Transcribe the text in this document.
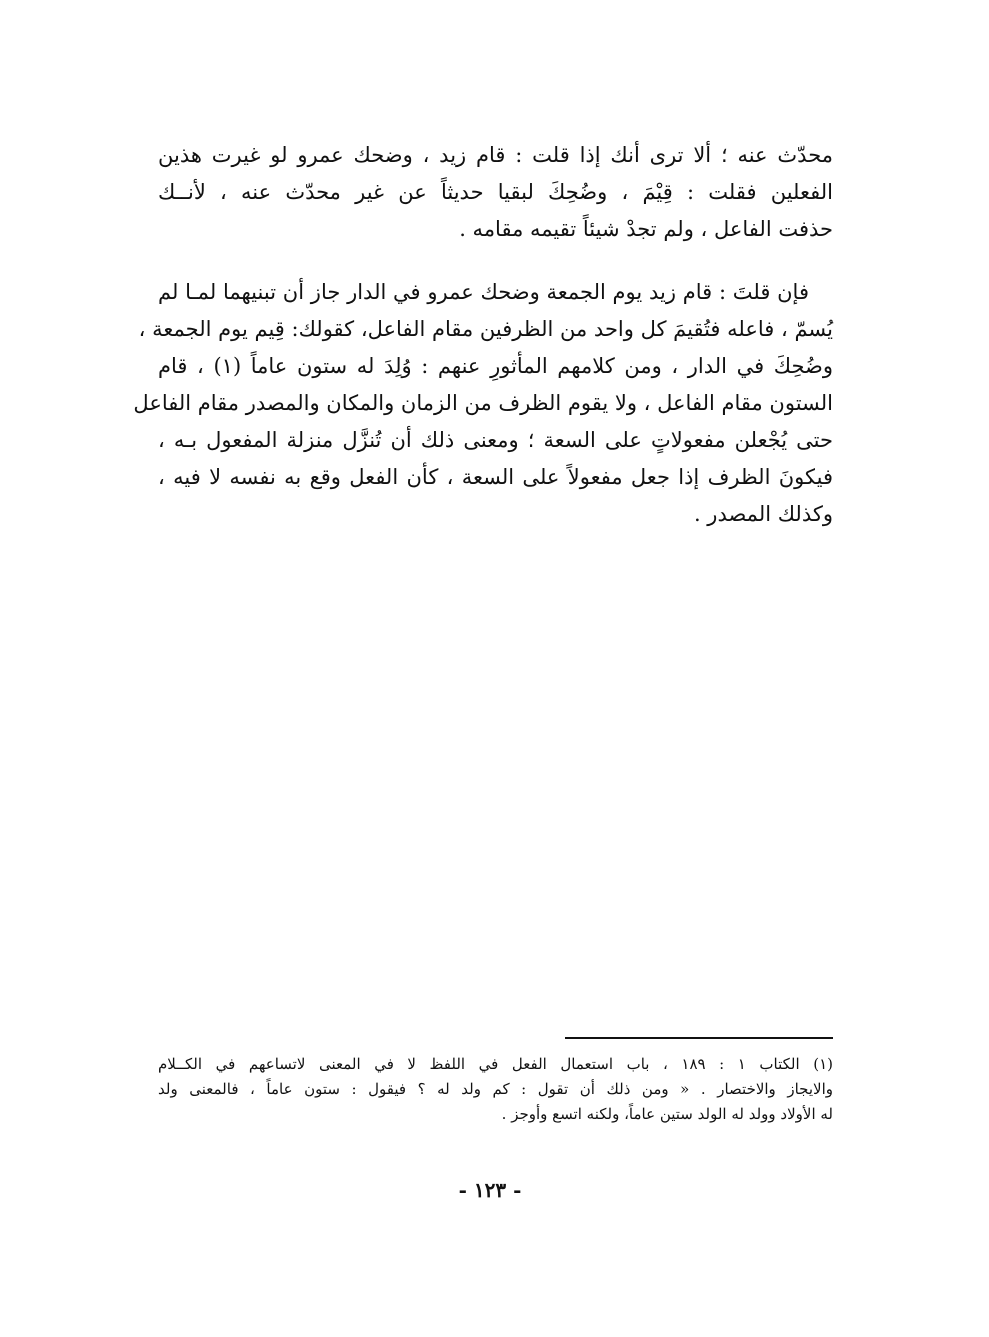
محدّث عنه ؛ ألا ترى أنك إذا قلت : قام زيد ، وضحك عمرو لو غيرت هذين
الفعلين فقلت : قِيْمَ ، وضُحِكَ لبقيا حديثاً عن غير محدّث عنه ، لأنــك
حذفت الفاعل ، ولم تجدْ شيئاً تقيمه مقامه .
فإن قلتَ : قام زيد يوم الجمعة وضحك عمرو في الدار جاز أن تبنيهما لمـا لم
يُسمّ ، فاعله فتُقيمَ كل واحد من الظرفين مقام الفاعل، كقولك: قِيم يوم الجمعة ،
وضُحِكَ في الدار ، ومن كلامهم المأثورِ عنهم : وُلِدَ له ستون عاماً (١) ، قام
الستون مقام الفاعل ، ولا يقوم الظرف من الزمان والمكان والمصدر مقام الفاعل
حتى يُجْعلن مفعولاتٍ على السعة ؛ ومعنى ذلك أن تُنزَّل منزلة المفعول بـه ،
فيكونَ الظرف إذا جعل مفعولاً على السعة ، كأن الفعل وقع به نفسه لا فيه ،
وكذلك المصدر .
(١) الكتاب ١ : ١٨٩ ، باب استعمال الفعل في اللفظ لا في المعنى لاتساعهم في الكــلام
والايجاز والاختصار . « ومن ذلك أن تقول : كم ولد له ؟ فيقول : ستون عاماً ، فالمعنى ولد
له الأولاد وولد له الولد ستين عاماً، ولكنه اتسع وأوجز .
- ١٢٣ -
